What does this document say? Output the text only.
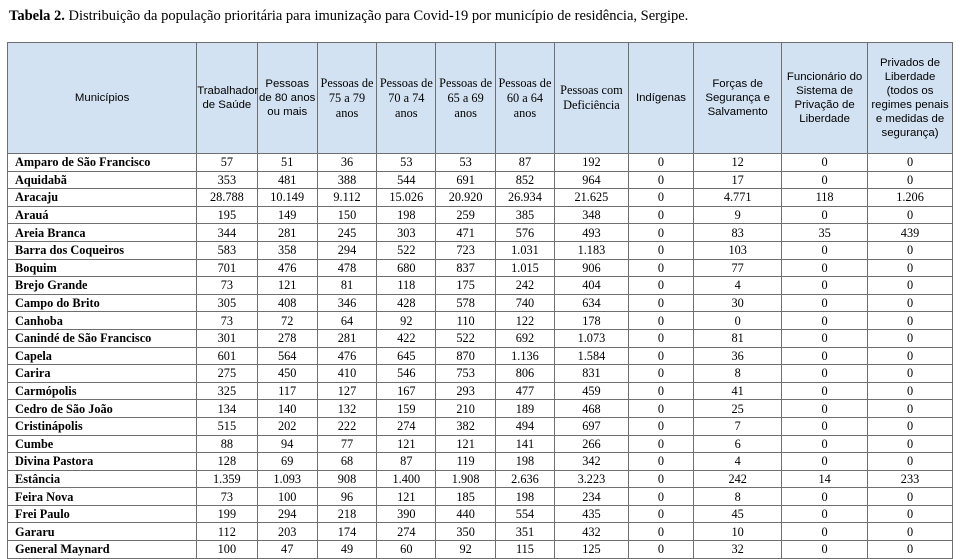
Tabela 2. Distribuição da população prioritária para imunização para Covid-19 por município de residência, Sergipe.
Municípios	Trabalhador de Saúde	Pessoas de 80 anos ou mais	Pessoas de 75 a 79 anos	Pessoas de 70 a 74 anos	Pessoas de 65 a 69 anos	Pessoas de 60 a 64 anos	Pessoas com Deficiência	Indígenas	Forças de Segurança e Salvamento	Funcionário do Sistema de Privação de Liberdade	Privados de Liberdade (todos os regimes penais e medidas de segurança)
Amparo de São Francisco	57	51	36	53	53	87	192	0	12	0	0
Aquidabã	353	481	388	544	691	852	964	0	17	0	0
Aracaju	28.788	10.149	9.112	15.026	20.920	26.934	21.625	0	4.771	118	1.206
Arauá	195	149	150	198	259	385	348	0	9	0	0
Areia Branca	344	281	245	303	471	576	493	0	83	35	439
Barra dos Coqueiros	583	358	294	522	723	1.031	1.183	0	103	0	0
Boquim	701	476	478	680	837	1.015	906	0	77	0	0
Brejo Grande	73	121	81	118	175	242	404	0	4	0	0
Campo do Brito	305	408	346	428	578	740	634	0	30	0	0
Canhoba	73	72	64	92	110	122	178	0	0	0	0
Canindé de São Francisco	301	278	281	422	522	692	1.073	0	81	0	0
Capela	601	564	476	645	870	1.136	1.584	0	36	0	0
Carira	275	450	410	546	753	806	831	0	8	0	0
Carmópolis	325	117	127	167	293	477	459	0	41	0	0
Cedro de São João	134	140	132	159	210	189	468	0	25	0	0
Cristinápolis	515	202	222	274	382	494	697	0	7	0	0
Cumbe	88	94	77	121	121	141	266	0	6	0	0
Divina Pastora	128	69	68	87	119	198	342	0	4	0	0
Estância	1.359	1.093	908	1.400	1.908	2.636	3.223	0	242	14	233
Feira Nova	73	100	96	121	185	198	234	0	8	0	0
Frei Paulo	199	294	218	390	440	554	435	0	45	0	0
Gararu	112	203	174	274	350	351	432	0	10	0	0
General Maynard	100	47	49	60	92	115	125	0	32	0	0
